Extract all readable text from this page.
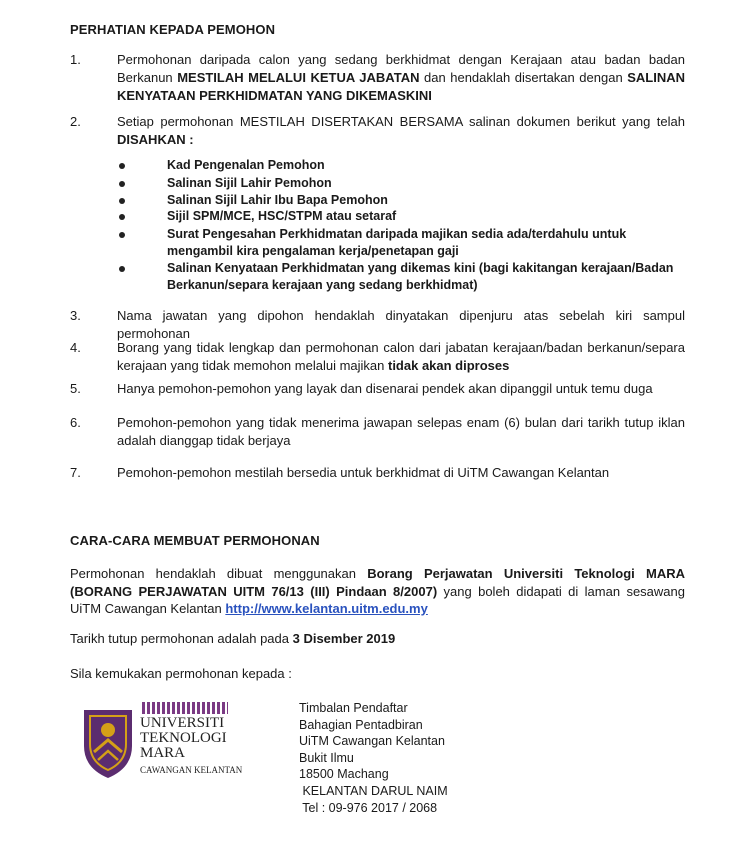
PERHATIAN KEPADA PEMOHON
1.	Permohonan daripada calon yang sedang berkhidmat dengan Kerajaan atau badan badan Berkanun MESTILAH MELALUI KETUA JABATAN dan hendaklah disertakan dengan SALINAN KENYATAAN PERKHIDMATAN YANG DIKEMASKINI
2.	Setiap permohonan MESTILAH DISERTAKAN BERSAMA salinan dokumen berikut yang telah DISAHKAN :
Kad Pengenalan Pemohon
Salinan Sijil Lahir Pemohon
Salinan Sijil Lahir Ibu Bapa Pemohon
Sijil SPM/MCE, HSC/STPM atau setaraf
Surat Pengesahan Perkhidmatan daripada majikan sedia ada/terdahulu untuk mengambil kira pengalaman kerja/penetapan gaji
Salinan Kenyataan Perkhidmatan yang dikemas kini (bagi kakitangan kerajaan/Badan Berkanun/separa kerajaan yang sedang berkhidmat)
3.	Nama jawatan yang dipohon hendaklah dinyatakan dipenjuru atas sebelah kiri sampul permohonan
4.	Borang yang tidak lengkap dan permohonan calon dari jabatan kerajaan/badan berkanun/separa kerajaan yang tidak memohon melalui majikan tidak akan diproses
5.	Hanya pemohon-pemohon yang layak dan disenarai pendek akan dipanggil untuk temu duga
6.	Pemohon-pemohon yang tidak menerima jawapan selepas enam (6) bulan dari tarikh tutup iklan adalah dianggap tidak berjaya
7.	Pemohon-pemohon mestilah bersedia untuk berkhidmat di UiTM Cawangan Kelantan
CARA-CARA MEMBUAT PERMOHONAN
Permohonan hendaklah dibuat menggunakan Borang Perjawatan Universiti Teknologi MARA (BORANG PERJAWATAN UITM 76/13 (III) Pindaan 8/2007) yang boleh didapati di laman sesawang UiTM Cawangan Kelantan http://www.kelantan.uitm.edu.my
Tarikh tutup permohonan adalah pada 3 Disember 2019
Sila kemukakan permohonan kepada :
UNIVERSITI
TEKNOLOGI
MARA
CAWANGAN KELANTAN
Timbalan Pendaftar
Bahagian Pentadbiran
UiTM Cawangan Kelantan
Bukit Ilmu
18500 Machang
KELANTAN DARUL NAIM
Tel : 09-976 2017 / 2068
